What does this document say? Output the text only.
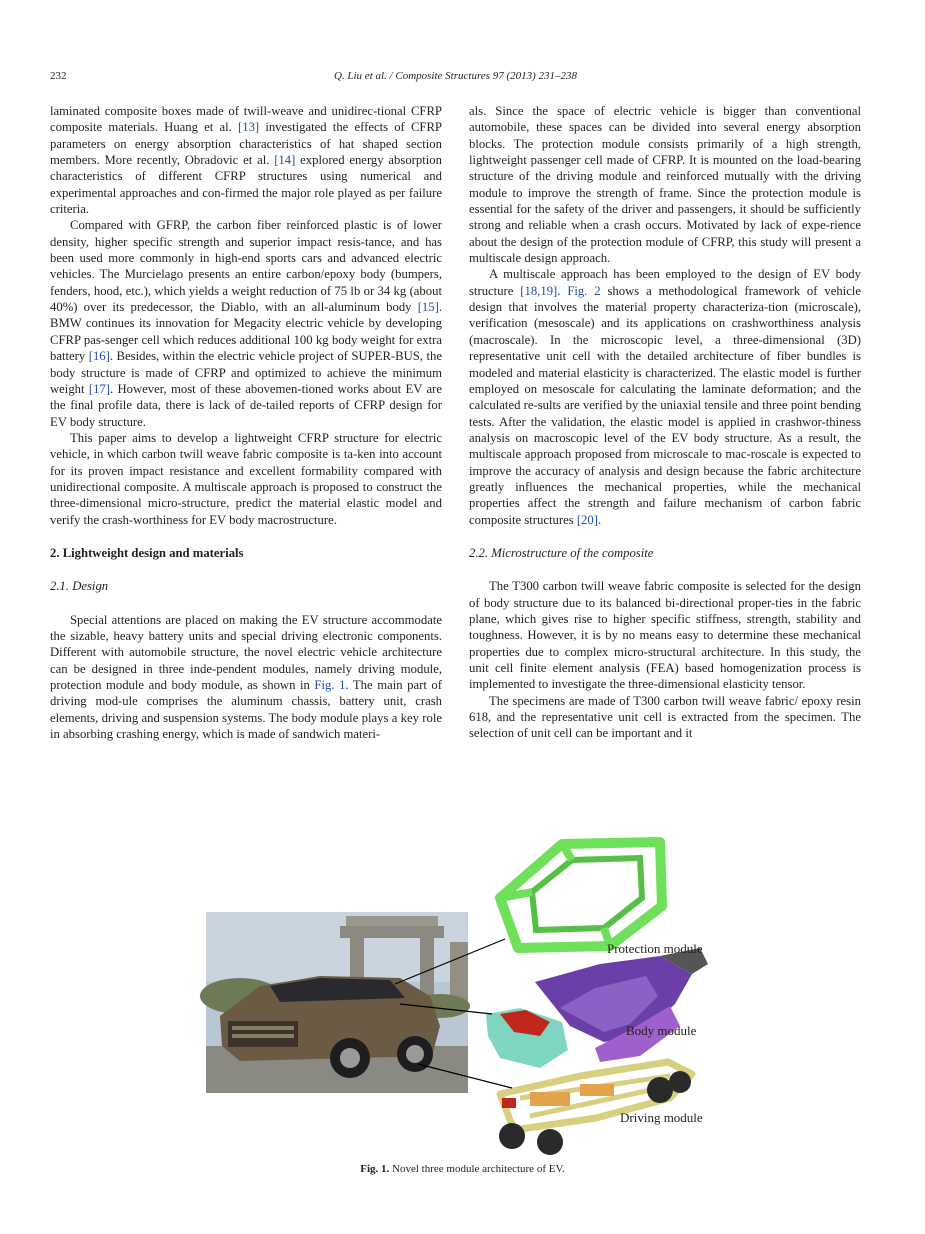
232	Q. Liu et al. / Composite Structures 97 (2013) 231–238

laminated composite boxes made of twill-weave and unidirec-tional CFRP composite materials. Huang et al. [13] investigated the effects of CFRP parameters on energy absorption characteristics of hat shaped section members. More recently, Obradovic et al. [14] explored energy absorption characteristics of different CFRP structures using numerical and experimental approaches and con-firmed the major role played as per failure criteria.

Compared with GFRP, the carbon fiber reinforced plastic is of lower density, higher specific strength and superior impact resis-tance, and has been used more commonly in high-end sports cars and advanced electric vehicles. The Murcielago presents an entire carbon/epoxy body (bumpers, fenders, hood, etc.), which yields a weight reduction of 75 lb or 34 kg (about 40%) over its predecessor, the Diablo, with an all-aluminum body [15]. BMW continues its innovation for Megacity electric vehicle by developing CFRP pas-senger cell which reduces additional 100 kg body weight for extra battery [16]. Besides, within the electric vehicle project of SUPER-BUS, the body structure is made of CFRP and optimized to achieve the minimum weight [17]. However, most of these abovemen-tioned works about EV are the final profile data, there is lack of de-tailed reports of CFRP design for EV body structure.

This paper aims to develop a lightweight CFRP structure for electric vehicle, in which carbon twill weave fabric composite is ta-ken into account for its proven impact resistance and excellent formability compared with unidirectional composite. A multiscale approach is proposed to construct the three-dimensional micro-structure, predict the material elastic model and verify the crash-worthiness for EV body macrostructure.

2. Lightweight design and materials
2.1. Design

Special attentions are placed on making the EV structure accommodate the sizable, heavy battery units and special driving electronic components. Different with automobile structure, the novel electric vehicle architecture can be designed in three inde-pendent modules, namely driving module, protection module and body module, as shown in Fig. 1. The main part of driving mod-ule comprises the aluminum chassis, battery unit, crash elements, driving and suspension systems. The body module plays a key role in absorbing crashing energy, which is made of sandwich materi-

als. Since the space of electric vehicle is bigger than conventional automobile, these spaces can be divided into several energy absorption blocks. The protection module consists primarily of a high strength, lightweight passenger cell made of CFRP. It is mounted on the load-bearing structure of the driving module and reinforced mutually with the driving module to improve the strength of frame. Since the protection module is essential for the safety of the driver and passengers, it should be sufficiently strong and reliable when a crash occurs. Motivated by lack of expe-rience about the design of the protection module of CFRP, this study will present a multiscale design approach.

A multiscale approach has been employed to the design of EV body structure [18,19]. Fig. 2 shows a methodological framework of vehicle design that involves the material property characteriza-tion (microscale), verification (mesoscale) and its applications on crashworthiness analysis (macroscale). In the microscopic level, a three-dimensional (3D) representative unit cell with the detailed architecture of fiber bundles is modeled and material elasticity is characterized. The elastic model is further employed on mesoscale for calculating the laminate deformation; and the calculated re-sults are verified by the uniaxial tensile and three point bending tests. After the validation, the elastic model is applied in crashwor-thiness analysis on macroscopic level of the EV body structure. As a result, the multiscale approach proposed from microscale to mac-roscale is expected to improve the accuracy of analysis and design because the fabric architecture greatly influences the mechanical properties, while the mechanical properties affect the strength and failure mechanism of carbon fabric composite structures [20].

2.2. Microstructure of the composite

The T300 carbon twill weave fabric composite is selected for the design of body structure due to its balanced bi-directional proper-ties in the fabric plane, which gives rise to higher specific stiffness, strength, stability and toughness. However, it is by no means easy to determine these mechanical properties due to complex micro-structural architecture. In this study, the unit cell finite element analysis (FEA) based homogenization process is implemented to investigate the three-dimensional elasticity tensor.

The specimens are made of T300 carbon twill weave fabric/ epoxy resin 618, and the representative unit cell is extracted from the specimen. The selection of unit cell can be important and it

Protection module
Body module
Driving module
Fig. 1. Novel three module architecture of EV.
